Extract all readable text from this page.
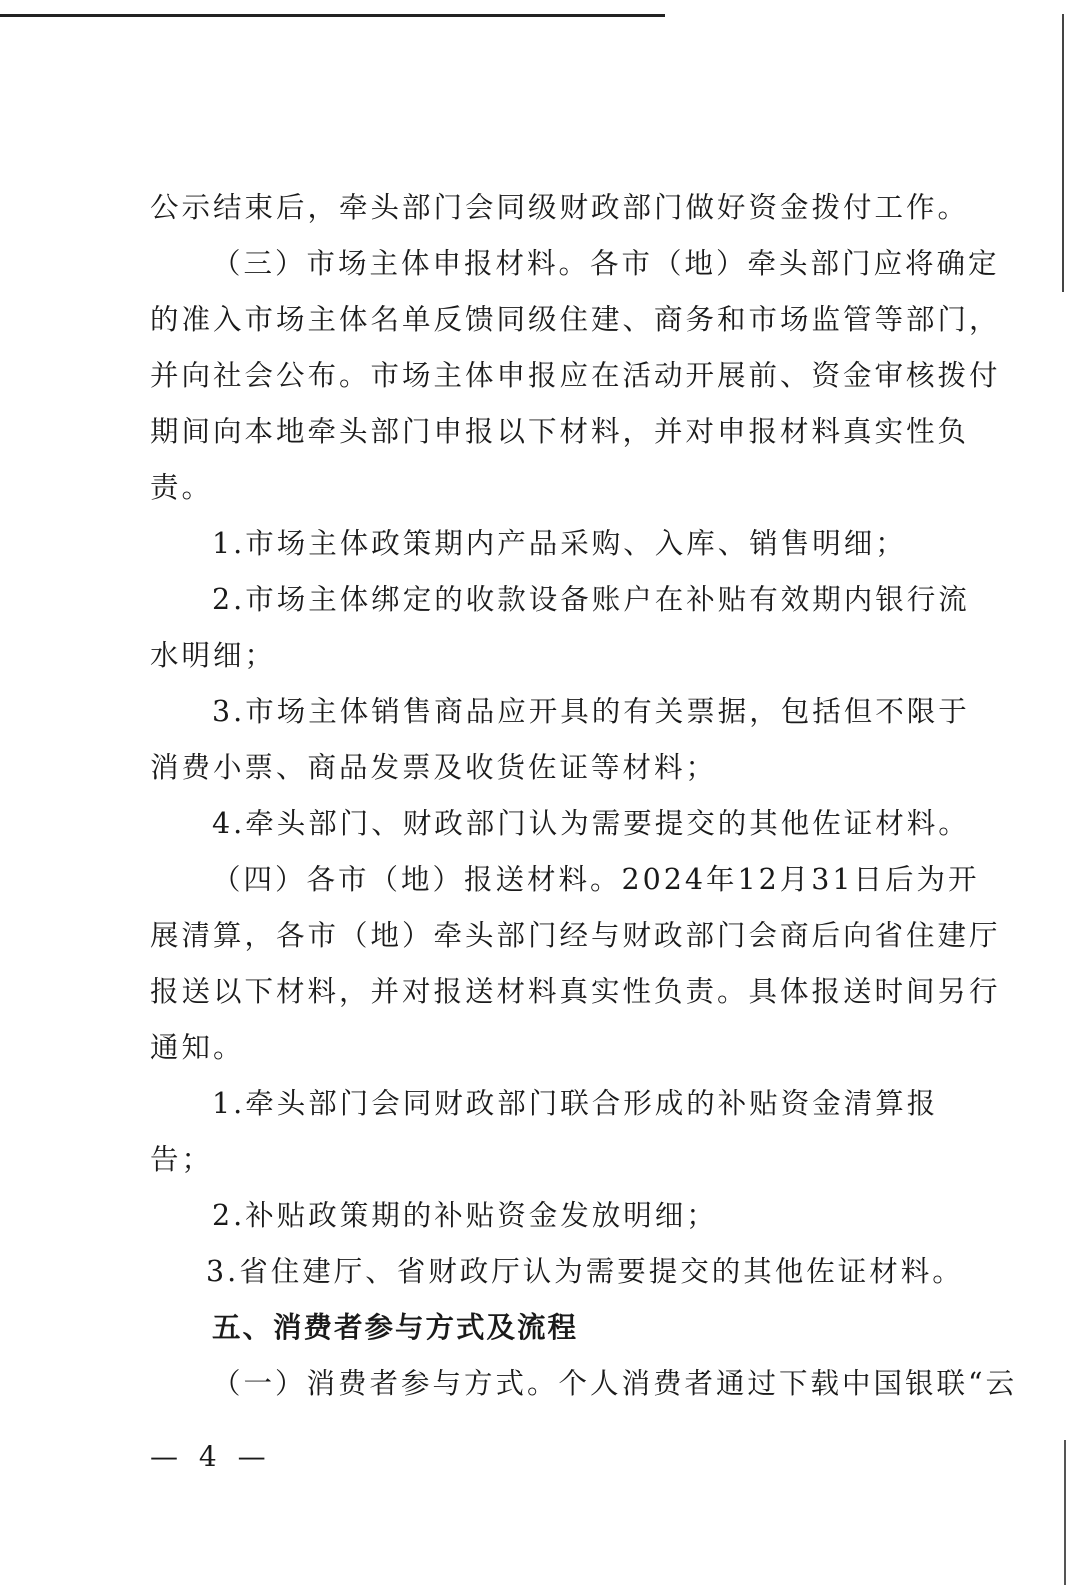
公示结束后，牵头部门会同级财政部门做好资金拨付工作。
（三）市场主体申报材料。各市（地）牵头部门应将确定
的准入市场主体名单反馈同级住建、商务和市场监管等部门，
并向社会公布。市场主体申报应在活动开展前、资金审核拨付
期间向本地牵头部门申报以下材料，并对申报材料真实性负
责。
1.市场主体政策期内产品采购、入库、销售明细；
2.市场主体绑定的收款设备账户在补贴有效期内银行流
水明细；
3.市场主体销售商品应开具的有关票据，包括但不限于
消费小票、商品发票及收货佐证等材料；
4.牵头部门、财政部门认为需要提交的其他佐证材料。
（四）各市（地）报送材料。2024年12月31日后为开
展清算，各市（地）牵头部门经与财政部门会商后向省住建厅
报送以下材料，并对报送材料真实性负责。具体报送时间另行
通知。
1.牵头部门会同财政部门联合形成的补贴资金清算报
告；
2.补贴政策期的补贴资金发放明细；
3.省住建厅、省财政厅认为需要提交的其他佐证材料。
五、消费者参与方式及流程
（一）消费者参与方式。个人消费者通过下载中国银联“云
— 4 —
